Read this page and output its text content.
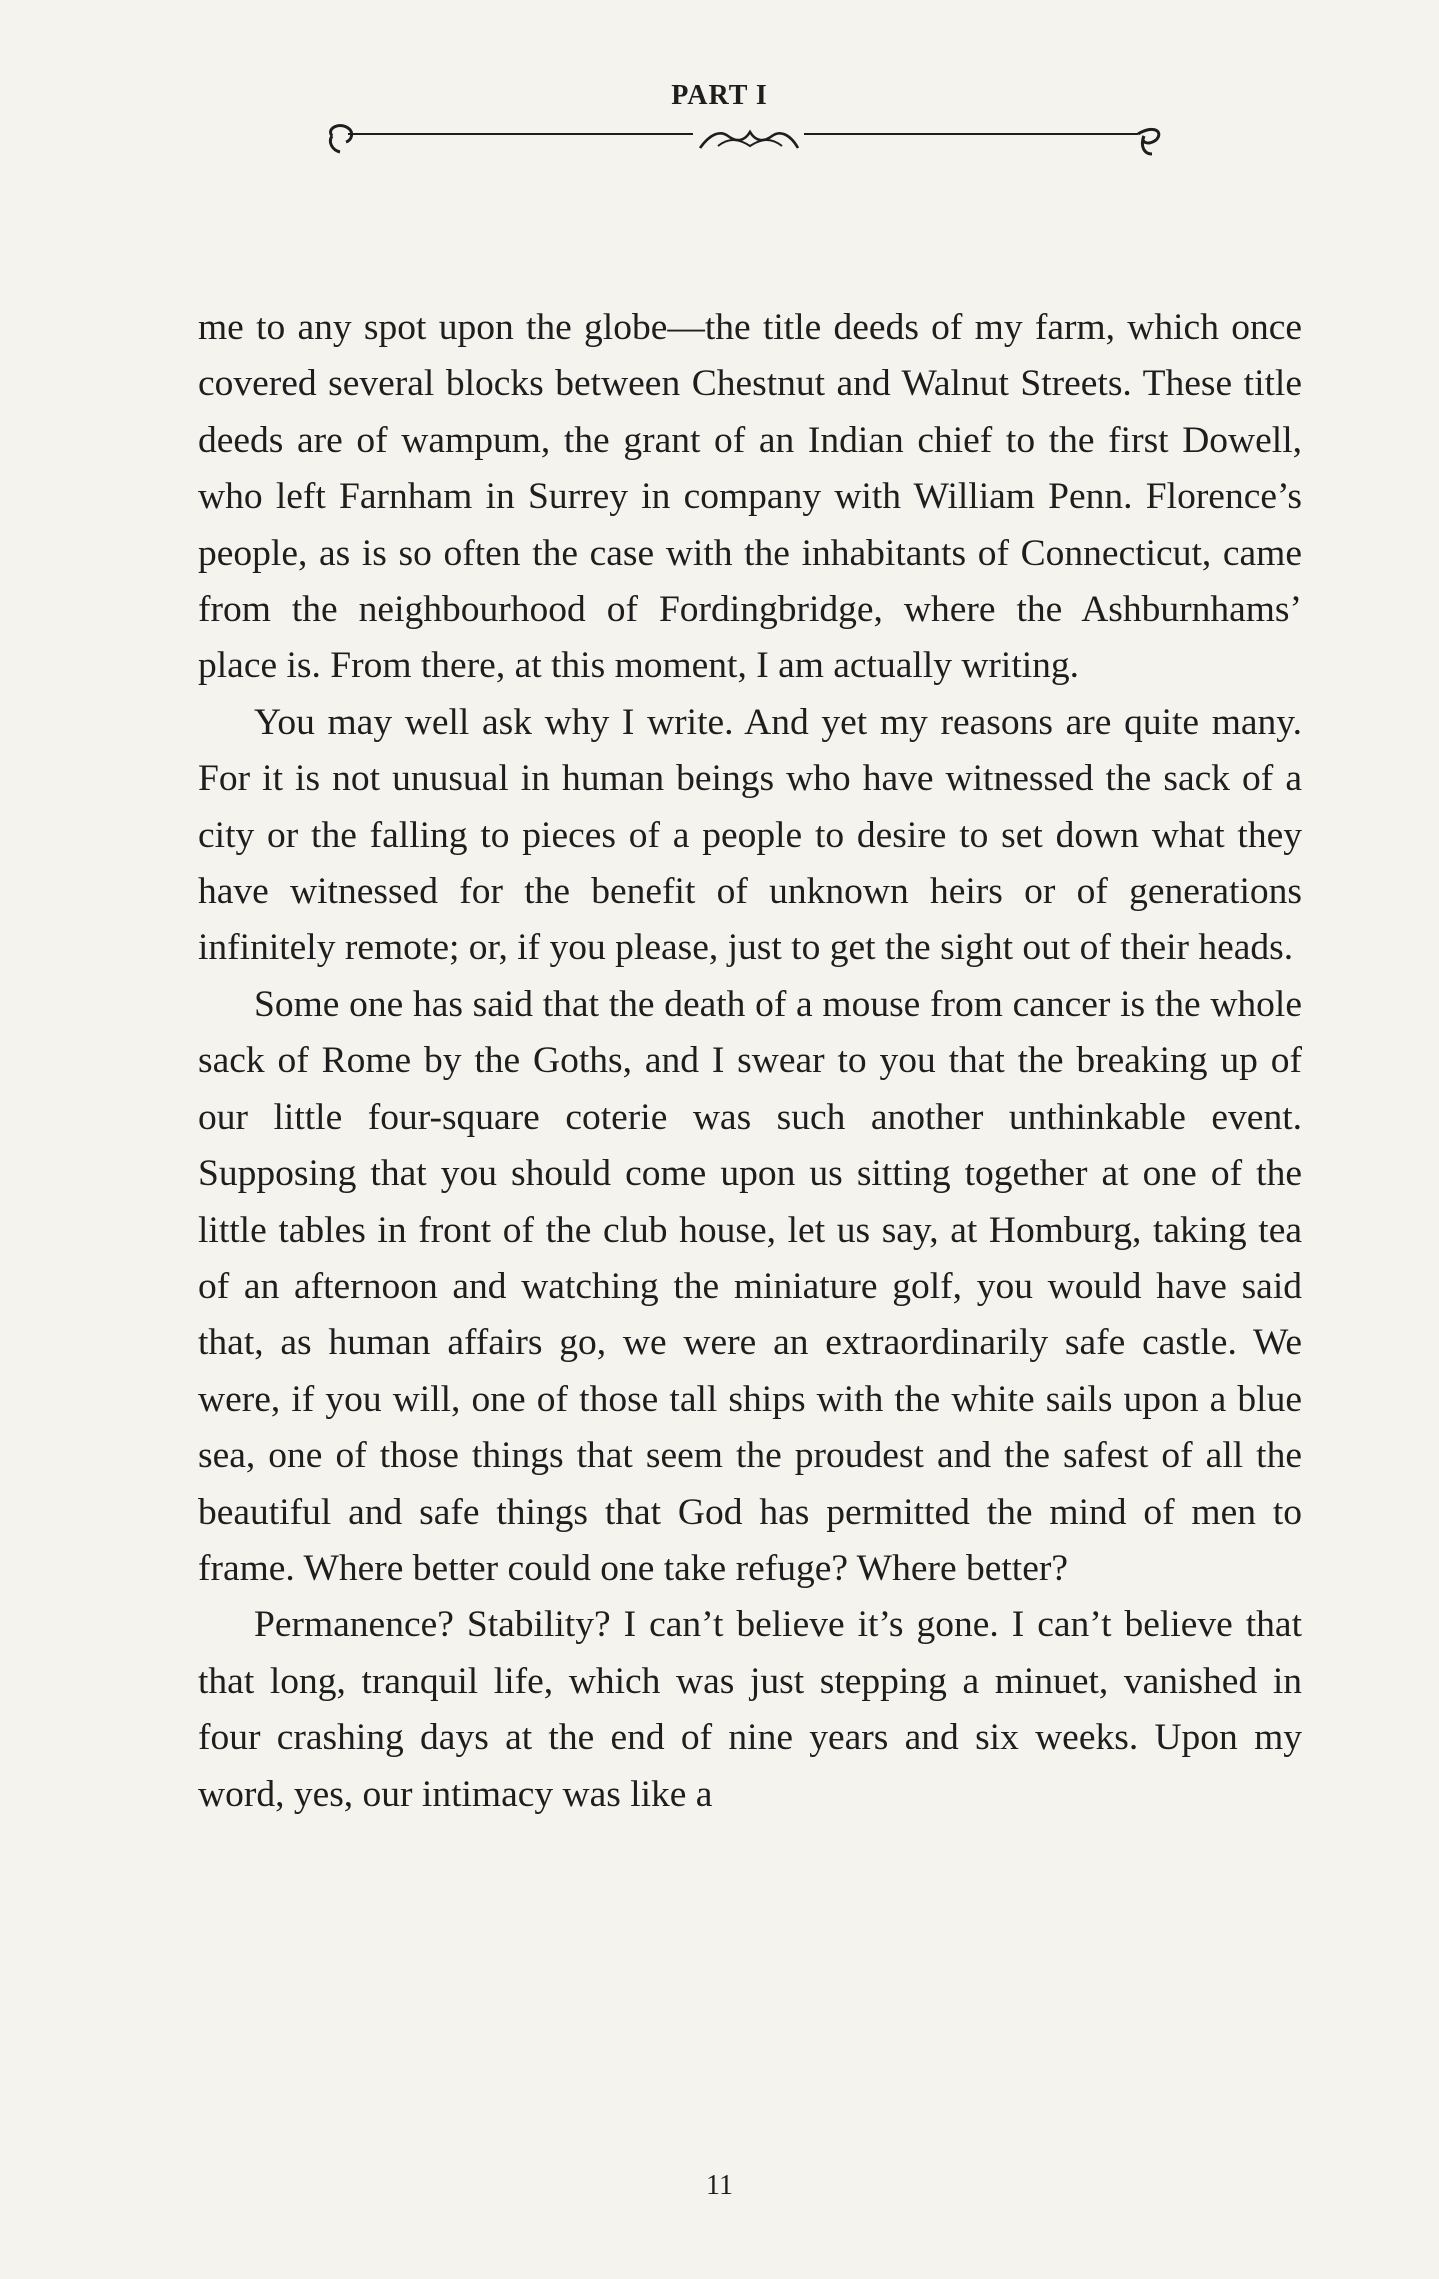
PART I

me to any spot upon the globe—the title deeds of my farm, which once covered several blocks between Chestnut and Walnut Streets. These title deeds are of wampum, the grant of an Indian chief to the first Dowell, who left Farnham in Surrey in company with William Penn. Florence’s people, as is so often the case with the inhabitants of Connecticut, came from the neighbourhood of Fordingbridge, where the Ashburnhams’ place is. From there, at this moment, I am actually writing.

You may well ask why I write. And yet my reasons are quite many. For it is not unusual in human beings who have witnessed the sack of a city or the falling to pieces of a people to desire to set down what they have witnessed for the benefit of unknown heirs or of generations infinitely remote; or, if you please, just to get the sight out of their heads.

Some one has said that the death of a mouse from cancer is the whole sack of Rome by the Goths, and I swear to you that the breaking up of our little four-square coterie was such another unthinkable event. Supposing that you should come upon us sitting together at one of the little tables in front of the club house, let us say, at Homburg, taking tea of an afternoon and watching the miniature golf, you would have said that, as human affairs go, we were an extraordinarily safe castle. We were, if you will, one of those tall ships with the white sails upon a blue sea, one of those things that seem the proudest and the safest of all the beautiful and safe things that God has permitted the mind of men to frame. Where better could one take refuge? Where better?

Permanence? Stability? I can’t believe it’s gone. I can’t believe that that long, tranquil life, which was just stepping a minuet, vanished in four crashing days at the end of nine years and six weeks. Upon my word, yes, our intimacy was like a

11
